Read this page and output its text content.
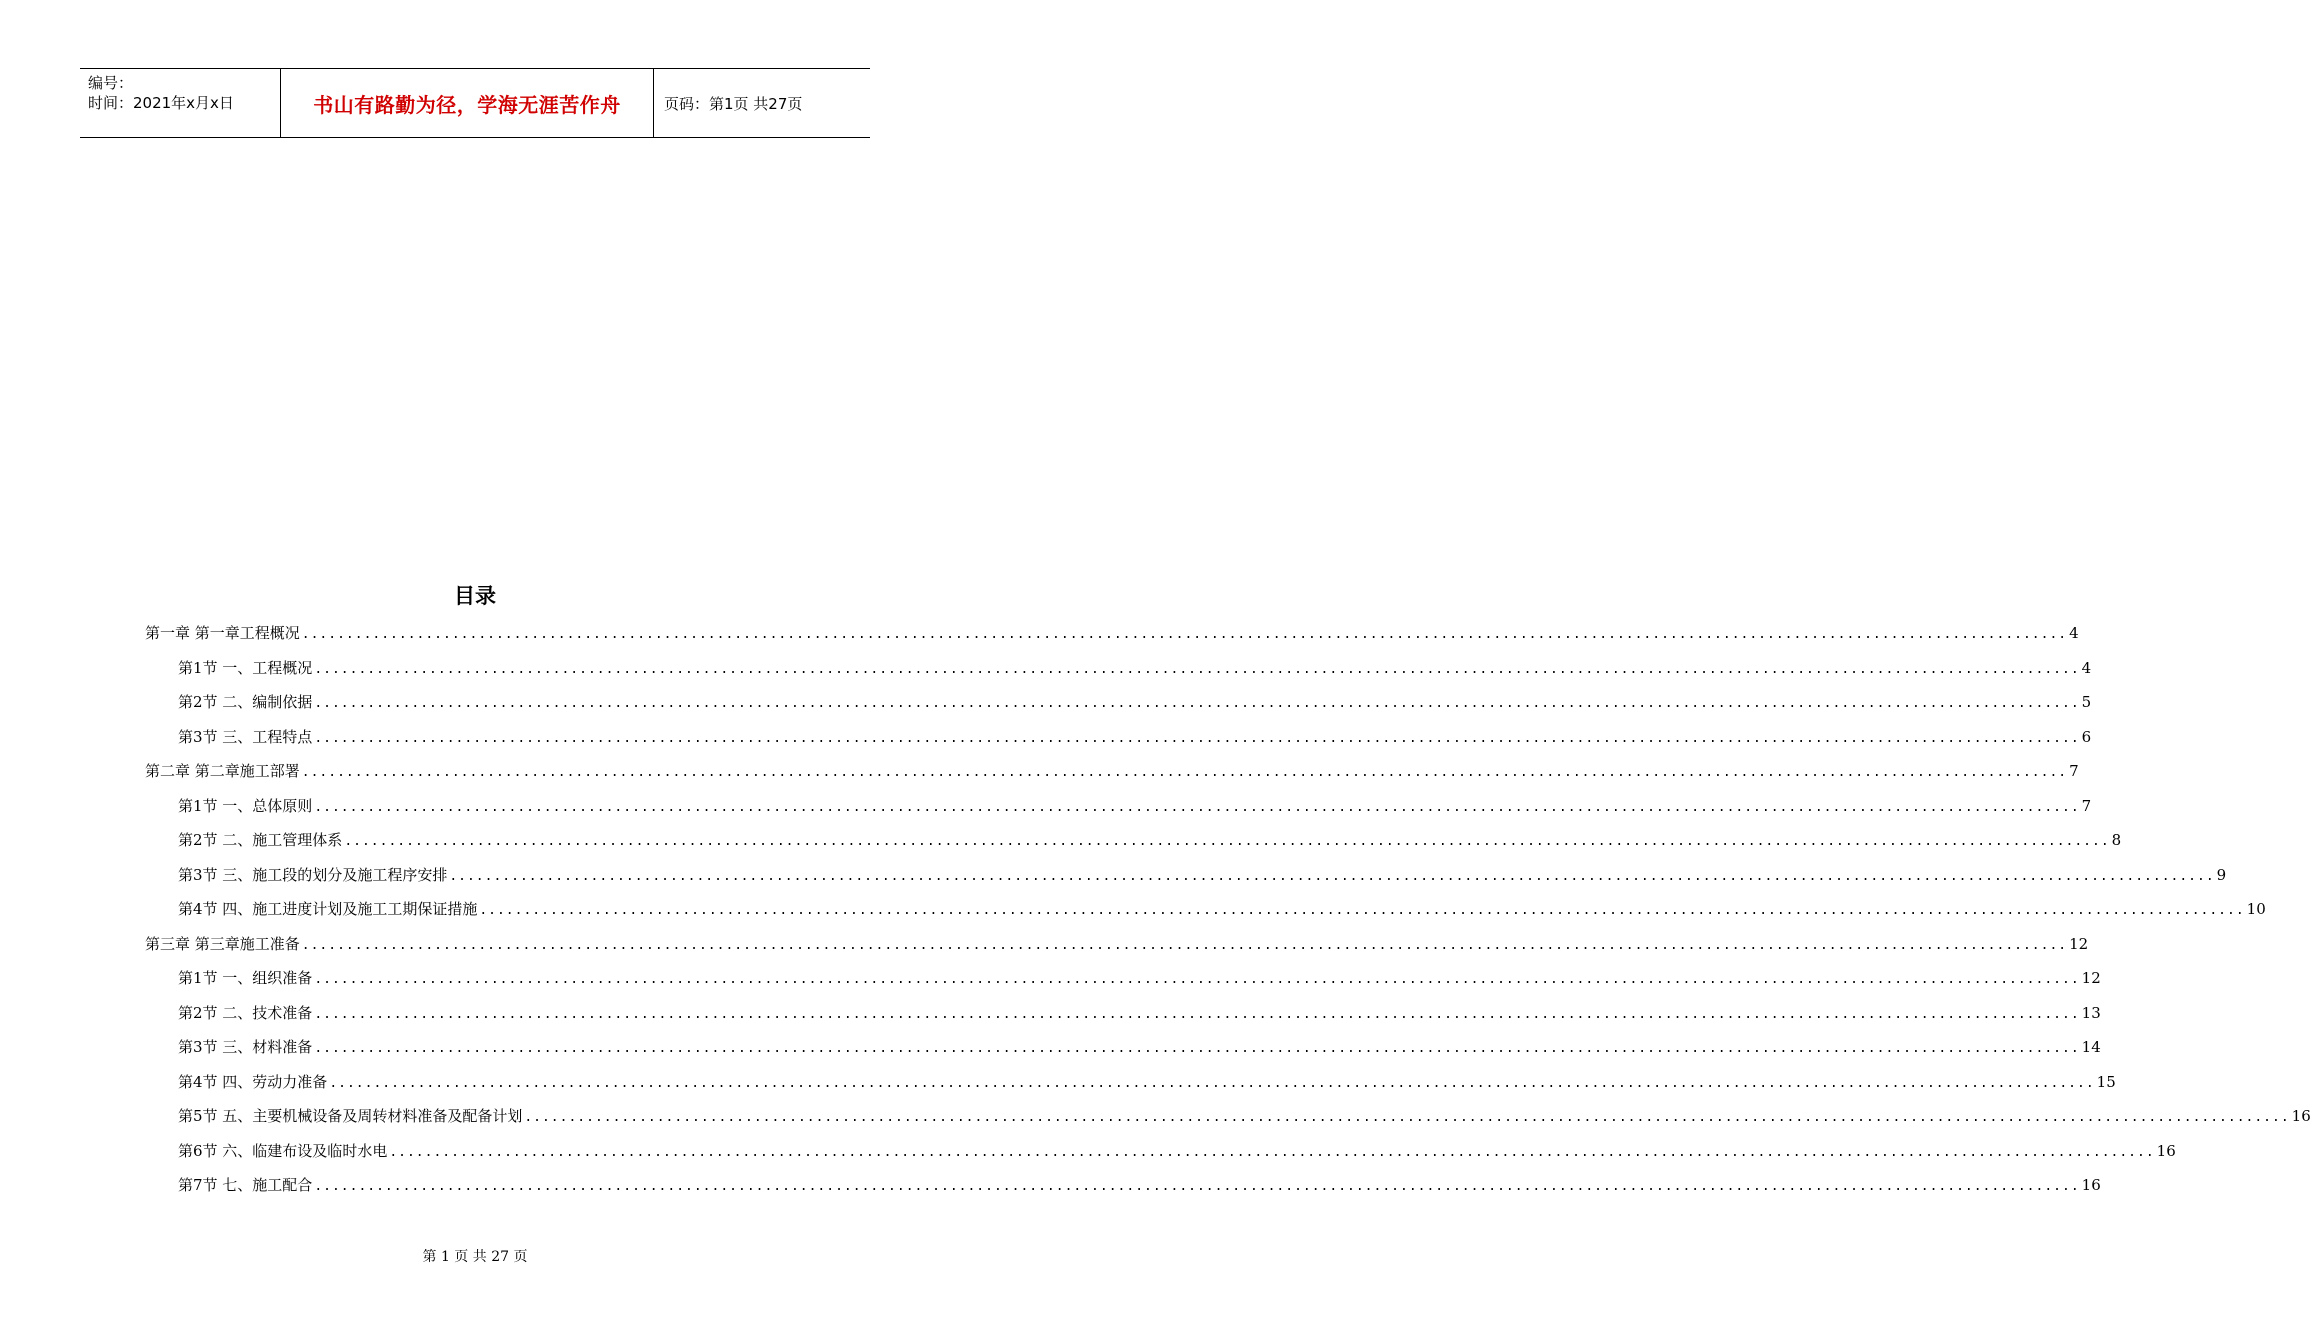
编号：
时间：2021年x月x日	书山有路勤为径，学海无涯苦作舟	页码：第1页 共27页
目录
第一章 第一章工程概况 ........................................................................................................................................................................................................ 4
第1节 一、工程概况 ........................................................................................................................................................................................................ 4
第2节 二、编制依据 ........................................................................................................................................................................................................ 5
第3节 三、工程特点 ........................................................................................................................................................................................................ 6
第二章 第二章施工部署 ........................................................................................................................................................................................................ 7
第1节 一、总体原则 ........................................................................................................................................................................................................ 7
第2节 二、施工管理体系 ........................................................................................................................................................................................................ 8
第3节 三、施工段的划分及施工程序安排 ........................................................................................................................................................................................................ 9
第4节 四、施工进度计划及施工工期保证措施 ........................................................................................................................................................................................................ 10
第三章 第三章施工准备 ........................................................................................................................................................................................................ 12
第1节 一、组织准备 ........................................................................................................................................................................................................ 12
第2节 二、技术准备 ........................................................................................................................................................................................................ 13
第3节 三、材料准备 ........................................................................................................................................................................................................ 14
第4节 四、劳动力准备 ........................................................................................................................................................................................................ 15
第5节 五、主要机械设备及周转材料准备及配备计划 ........................................................................................................................................................................................................ 16
第6节 六、临建布设及临时水电 ........................................................................................................................................................................................................ 16
第7节 七、施工配合 ........................................................................................................................................................................................................ 16
第 1 页 共 27 页
